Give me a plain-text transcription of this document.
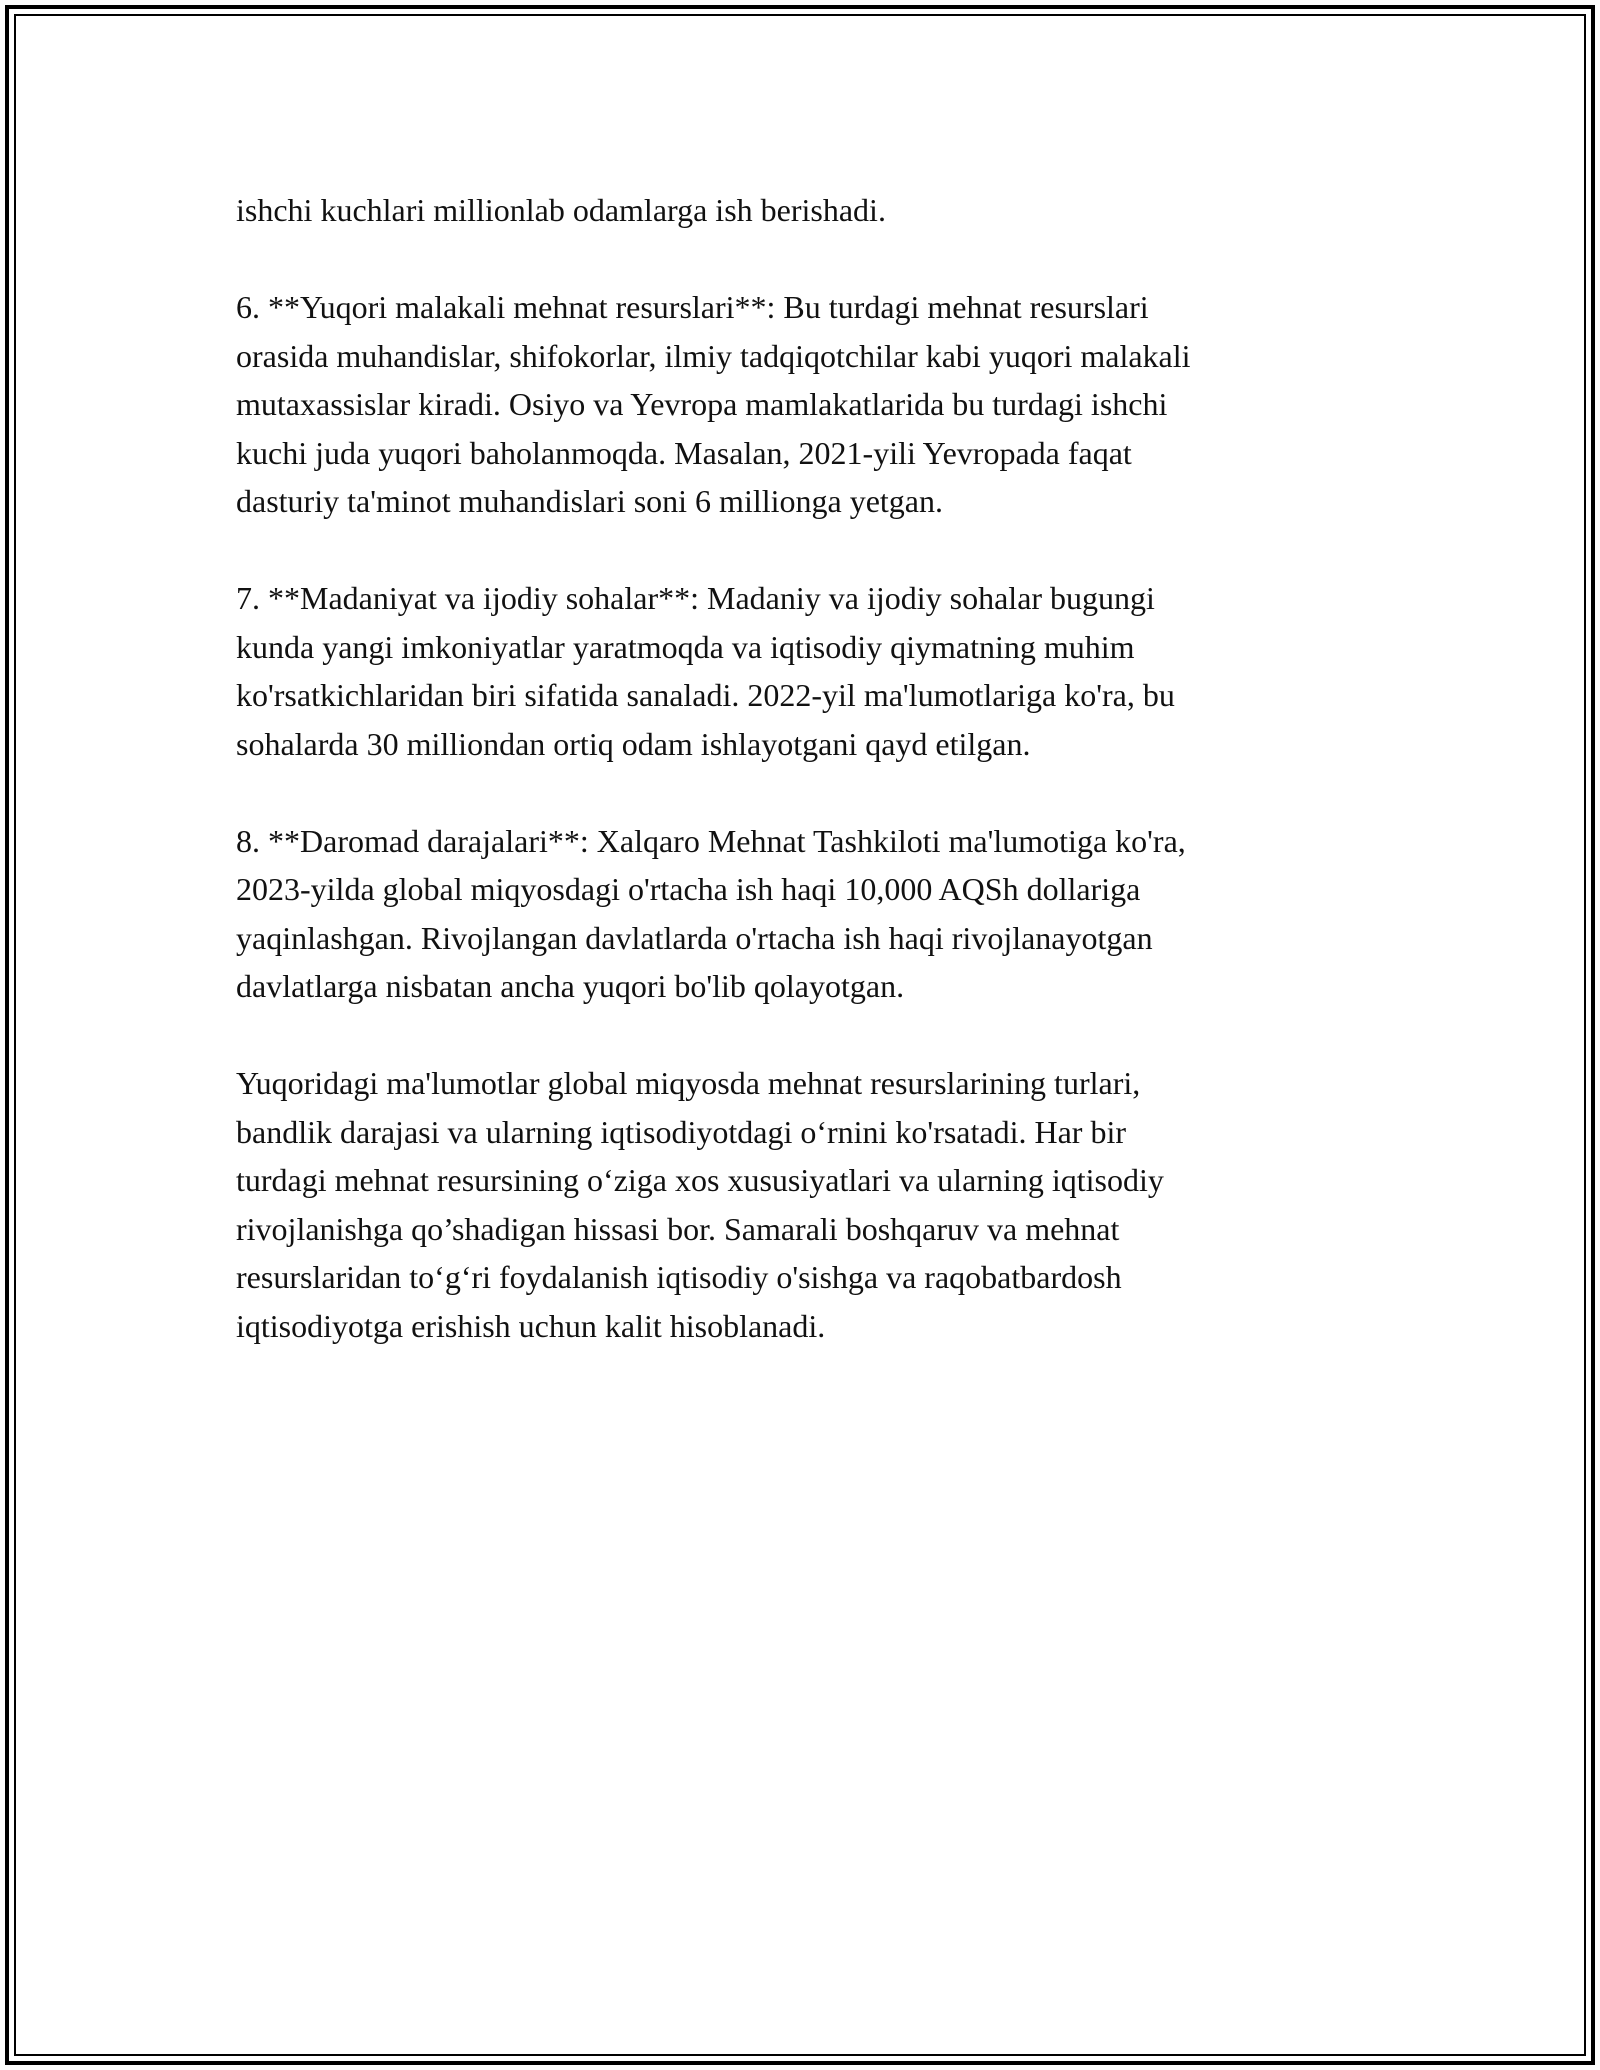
ishchi kuchlari millionlab odamlarga ish berishadi.

6. **Yuqori malakali mehnat resurslari**: Bu turdagi mehnat resurslari
orasida muhandislar, shifokorlar, ilmiy tadqiqotchilar kabi yuqori malakali
mutaxassislar kiradi. Osiyo va Yevropa mamlakatlarida bu turdagi ishchi
kuchi juda yuqori baholanmoqda. Masalan, 2021-yili Yevropada faqat
dasturiy ta'minot muhandislari soni 6 millionga yetgan.

7. **Madaniyat va ijodiy sohalar**: Madaniy va ijodiy sohalar bugungi
kunda yangi imkoniyatlar yaratmoqda va iqtisodiy qiymatning muhim
ko'rsatkichlaridan biri sifatida sanaladi. 2022-yil ma'lumotlariga ko'ra, bu
sohalarda 30 milliondan ortiq odam ishlayotgani qayd etilgan.

8. **Daromad darajalari**: Xalqaro Mehnat Tashkiloti ma'lumotiga ko'ra,
2023-yilda global miqyosdagi o'rtacha ish haqi 10,000 AQSh dollariga
yaqinlashgan. Rivojlangan davlatlarda o'rtacha ish haqi rivojlanayotgan
davlatlarga nisbatan ancha yuqori bo'lib qolayotgan.

Yuqoridagi ma'lumotlar global miqyosda mehnat resurslarining turlari,
bandlik darajasi va ularning iqtisodiyotdagi o‘rnini ko'rsatadi. Har bir
turdagi mehnat resursining o‘ziga xos xususiyatlari va ularning iqtisodiy
rivojlanishga qo’shadigan hissasi bor. Samarali boshqaruv va mehnat
resurslaridan to‘g‘ri foydalanish iqtisodiy o'sishga va raqobatbardosh
iqtisodiyotga erishish uchun kalit hisoblanadi.
